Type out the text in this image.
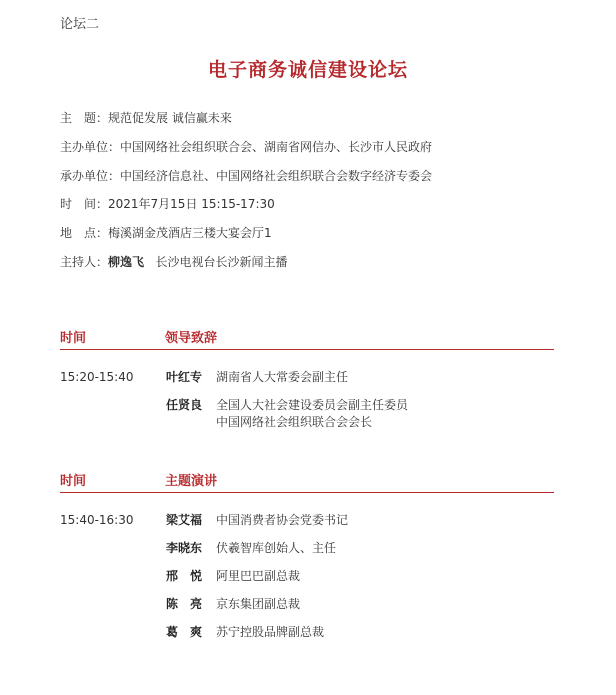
论坛二
电子商务诚信建设论坛
主　题：规范促发展 诚信赢未来
主办单位：中国网络社会组织联合会、湖南省网信办、长沙市人民政府
承办单位：中国经济信息社、中国网络社会组织联合会数字经济专委会
时　间：2021年7月15日 15:15-17:30
地　点：梅溪湖金茂酒店三楼大宴会厅1
主持人：柳逸飞 长沙电视台长沙新闻主播
时间	领导致辞
15:20-15:40	叶红专 湖南省人大常委会副主任
任贤良 全国人大社会建设委员会副主任委员
中国网络社会组织联合会会长
时间	主题演讲
15:40-16:30	梁艾福 中国消费者协会党委书记
李晓东 伏羲智库创始人、主任
邢　悦 阿里巴巴副总裁
陈　亮 京东集团副总裁
葛　爽 苏宁控股品牌副总裁
